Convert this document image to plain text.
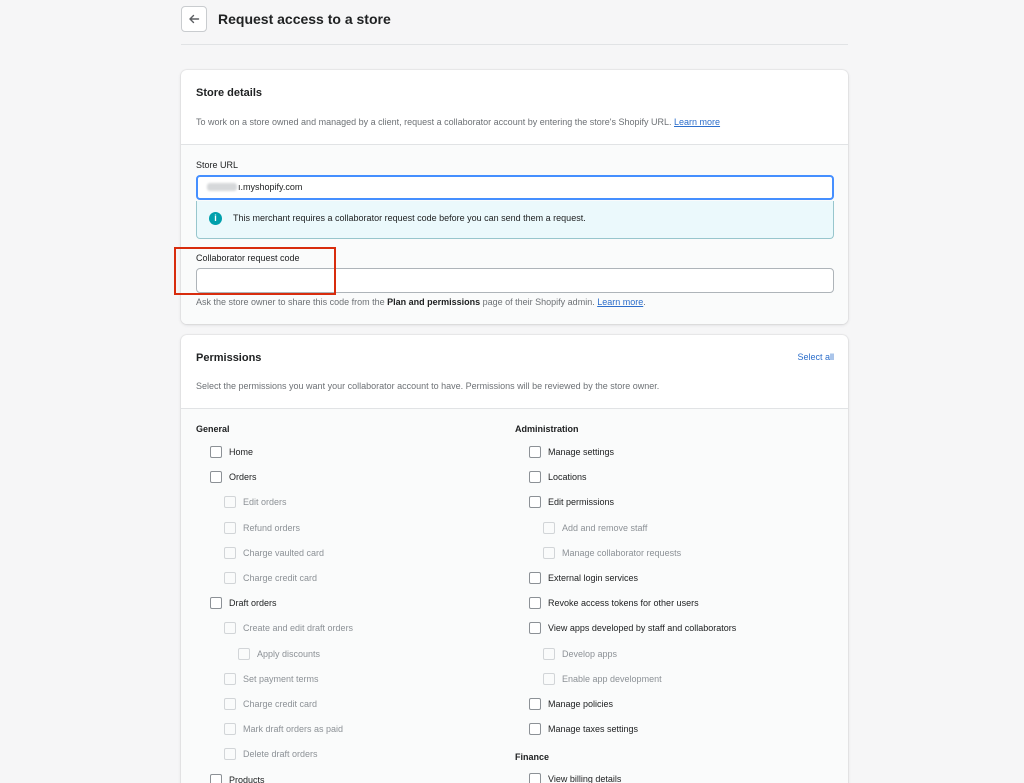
Request access to a store
Store details
To work on a store owned and managed by a client, request a collaborator account by entering the store's Shopify URL. Learn more
Store URL
ı.myshopify.com
i	This merchant requires a collaborator request code before you can send them a request.
Collaborator request code
Ask the store owner to share this code from the Plan and permissions page of their Shopify admin. Learn more.
Permissions	Select all
Select the permissions you want your collaborator account to have. Permissions will be reviewed by the store owner.
General
Home
Orders
Edit orders
Refund orders
Charge vaulted card
Charge credit card
Draft orders
Create and edit draft orders
Apply discounts
Set payment terms
Charge credit card
Mark draft orders as paid
Delete draft orders
Products
Administration
Manage settings
Locations
Edit permissions
Add and remove staff
Manage collaborator requests
External login services
Revoke access tokens for other users
View apps developed by staff and collaborators
Develop apps
Enable app development
Manage policies
Manage taxes settings
Finance
View billing details
